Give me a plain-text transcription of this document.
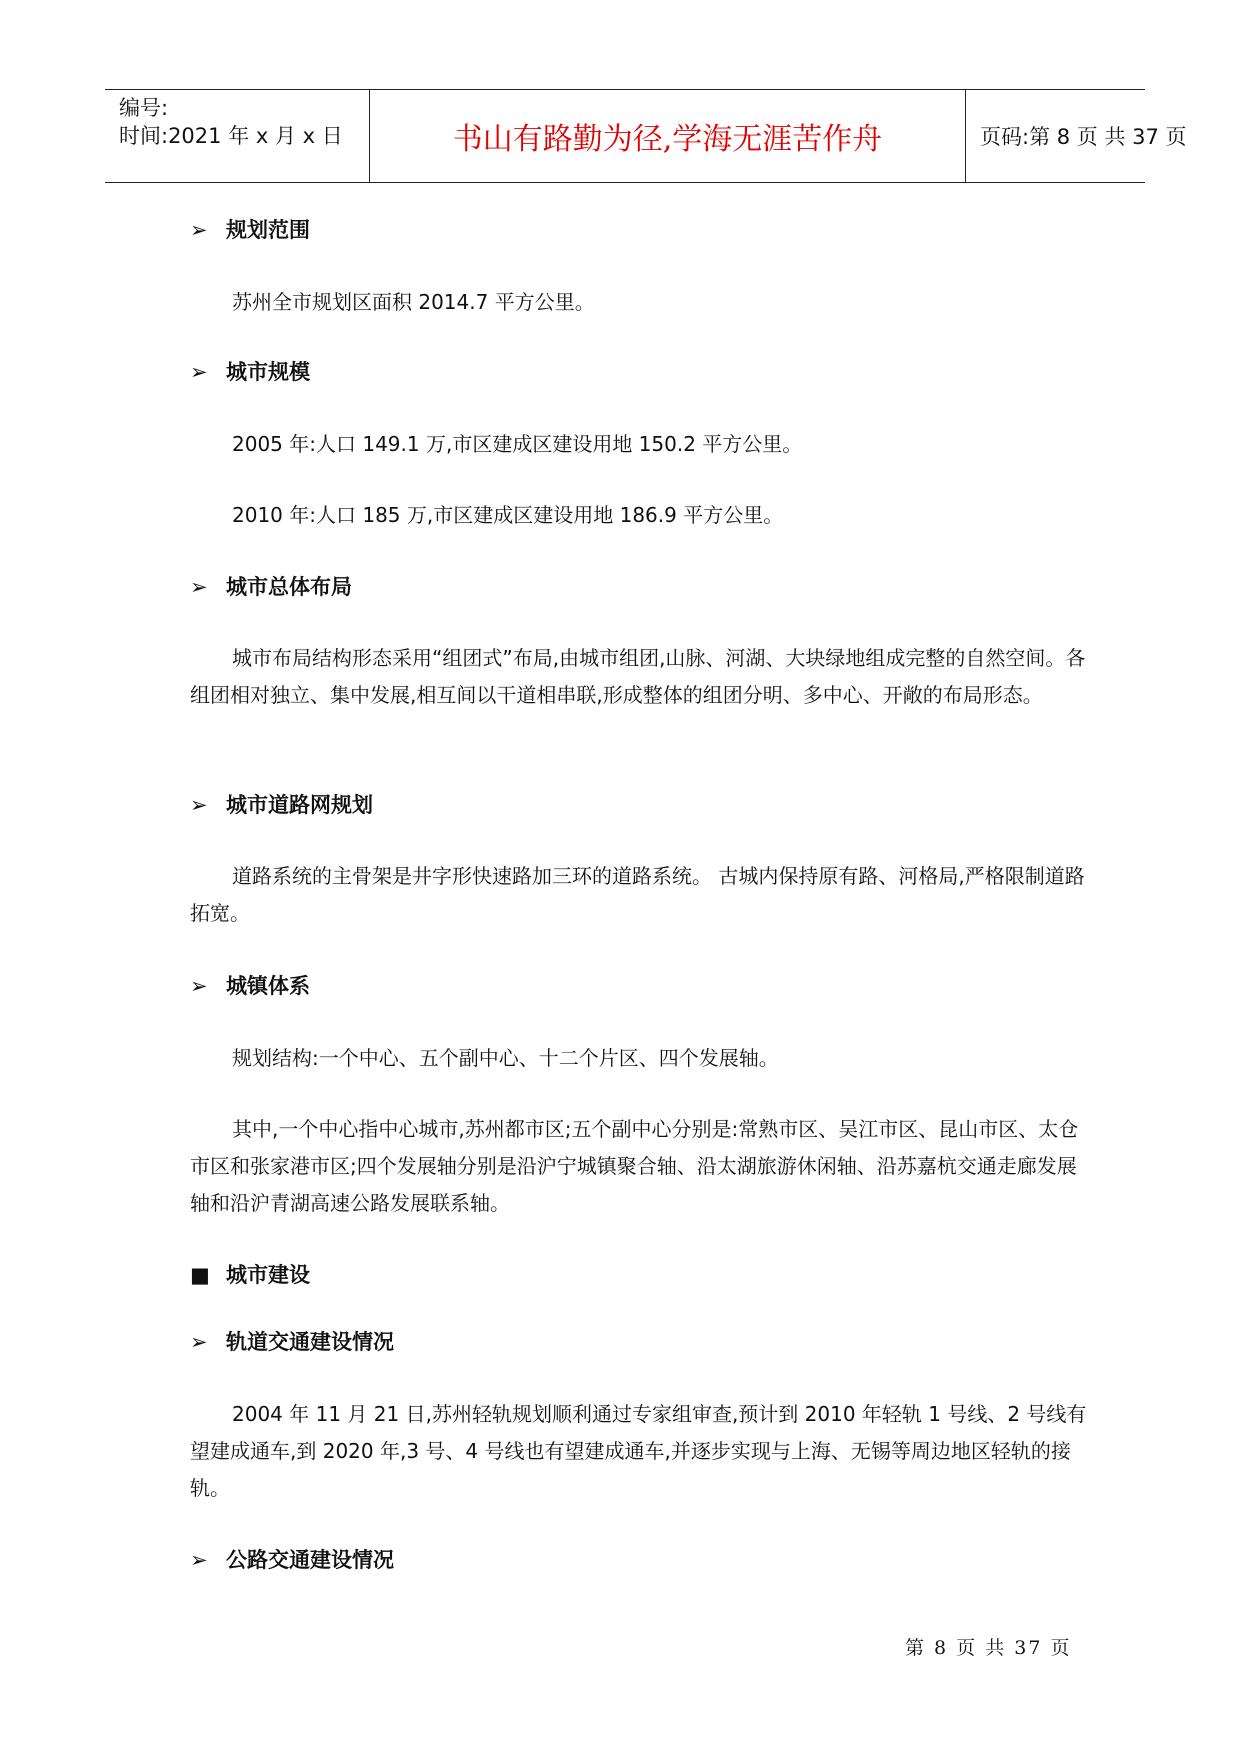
编号:
时间:2021 年 x 月 x 日	书山有路勤为径,学海无涯苦作舟	页码:第 8 页 共 37 页
➢ 规划范围

苏州全市规划区面积 2014.7 平方公里。

➢ 城市规模

2005 年:人口 149.1 万,市区建成区建设用地 150.2 平方公里。

2010 年:人口 185 万,市区建成区建设用地 186.9 平方公里。

➢ 城市总体布局

城市布局结构形态采用“组团式”布局,由城市组团,山脉、河湖、大块绿地组成完整的自然空间。各组团相对独立、集中发展,相互间以干道相串联,形成整体的组团分明、多中心、开敞的布局形态。

➢ 城市道路网规划

道路系统的主骨架是井字形快速路加三环的道路系统。 古城内保持原有路、河格局,严格限制道路拓宽。

➢ 城镇体系

规划结构:一个中心、五个副中心、十二个片区、四个发展轴。

其中,一个中心指中心城市,苏州都市区;五个副中心分别是:常熟市区、吴江市区、昆山市区、太仓市区和张家港市区;四个发展轴分别是沿沪宁城镇聚合轴、沿太湖旅游休闲轴、沿苏嘉杭交通走廊发展轴和沿沪青湖高速公路发展联系轴。

■ 城市建设
➢ 轨道交通建设情况

2004 年 11 月 21 日,苏州轻轨规划顺利通过专家组审查,预计到 2010 年轻轨 1 号线、2 号线有望建成通车,到 2020 年,3 号、4 号线也有望建成通车,并逐步实现与上海、无锡等周边地区轻轨的接轨。

➢ 公路交通建设情况
第 8 页 共 37 页
